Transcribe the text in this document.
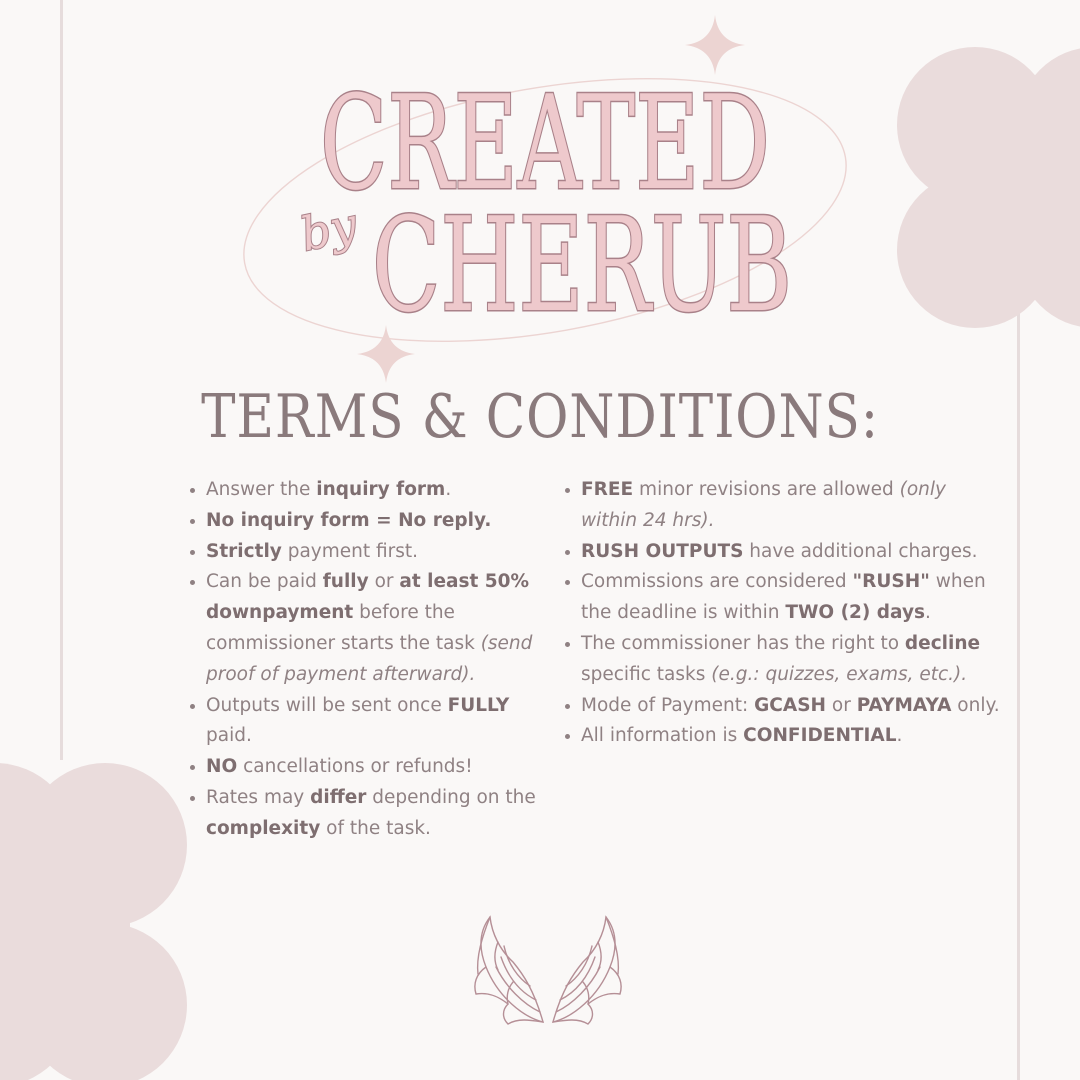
CREATED
by CHERUB
TERMS & CONDITIONS:
• Answer the inquiry form.
• No inquiry form = No reply.
• Strictly payment first.
• Can be paid fully or at least 50% downpayment before the commissioner starts the task (send proof of payment afterward).
• Outputs will be sent once FULLY paid.
• NO cancellations or refunds!
• Rates may differ depending on the complexity of the task.
• FREE minor revisions are allowed (only within 24 hrs).
• RUSH OUTPUTS have additional charges.
• Commissions are considered "RUSH" when the deadline is within TWO (2) days.
• The commissioner has the right to decline specific tasks (e.g.: quizzes, exams, etc.).
• Mode of Payment: GCASH or PAYMAYA only.
• All information is CONFIDENTIAL.
